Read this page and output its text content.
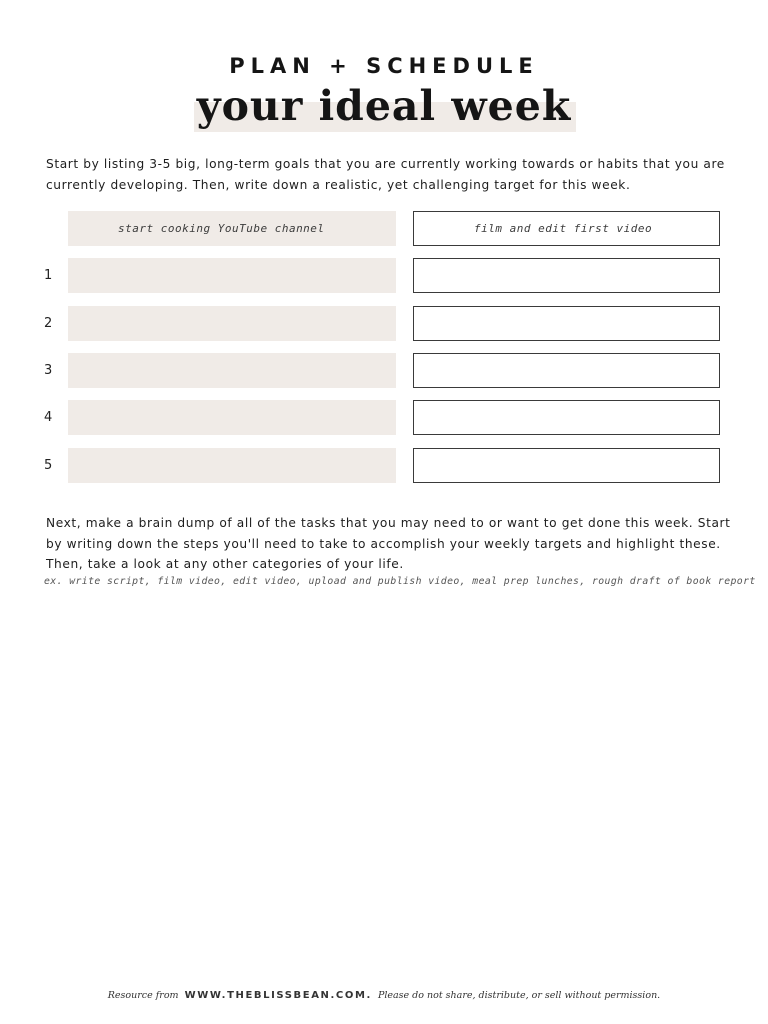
PLAN + SCHEDULE
your ideal week
Start by listing 3-5 big, long-term goals that you are currently working towards or habits that you are currently developing. Then, write down a realistic, yet challenging target for this week.
start cooking YouTube channel	film and edit first video
1
2
3
4
5
Next, make a brain dump of all of the tasks that you may need to or want to get done this week. Start by writing down the steps you'll need to take to accomplish your weekly targets and highlight these. Then, take a look at any other categories of your life.
ex. write script, film video, edit video, upload and publish video, meal prep lunches, rough draft of book report
Resource from WWW.THEBLISSBEAN.COM. Please do not share, distribute, or sell without permission.
